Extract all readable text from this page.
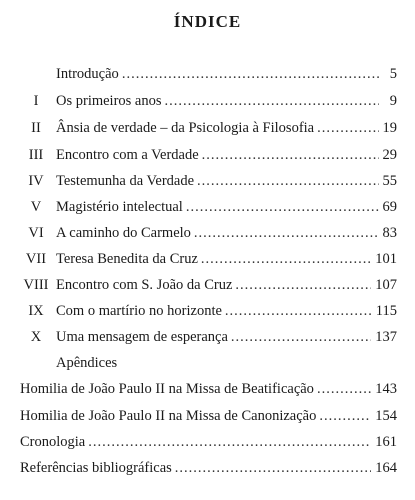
ÍNDICE
Introdução .....	5
I	Os primeiros anos .....	9
II	Ânsia de verdade – da Psicologia à Filosofia .....	19
III Encontro com a Verdade .....	29
IV Testemunha da Verdade .....	55
V	Magistério intelectual .....	69
VI A caminho do Carmelo .....	83
VII Teresa Benedita da Cruz .....	101
VIII Encontro com S. João da Cruz .....	107
IX Com o martírio no horizonte .....	115
X	Uma mensagem de esperança .....	137
Apêndices
Homilia de João Paulo II na Missa de Beatificação .....	143
Homilia de João Paulo II na Missa de Canonização .....	154
Cronologia .....	161
Referências bibliográficas .....	164
